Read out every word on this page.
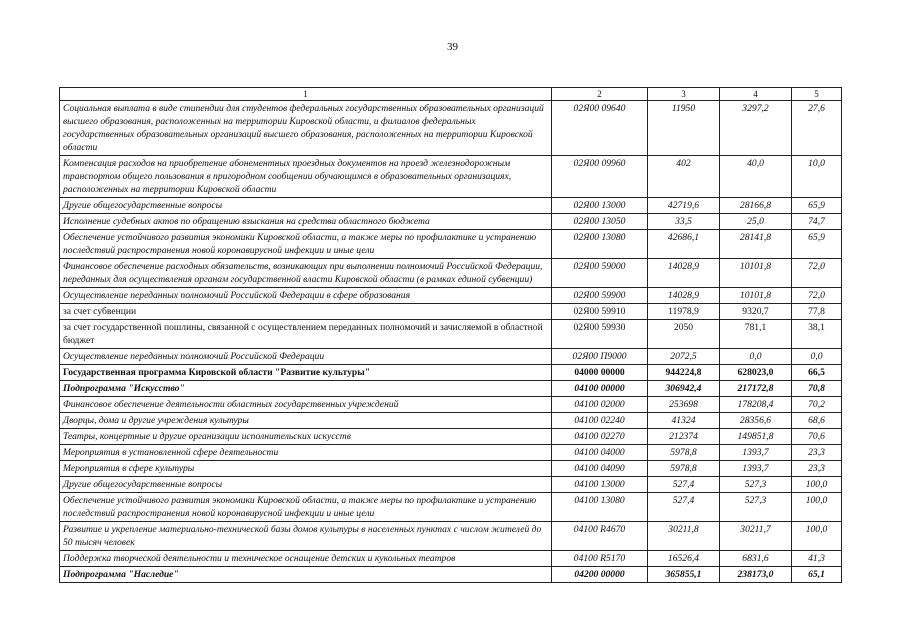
39
1	2	3	4	5
Социальная выплата в виде стипендии для студентов федеральных государственных образовательных организаций высшего образования, расположенных на территории Кировской области, и филиалов федеральных государственных образовательных организаций высшего образования, расположенных на территории Кировской области	02Я00 09640	11950	3297,2	27,6
Компенсация расходов на приобретение абонементных проездных документов на проезд железнодорожным транспортом общего пользования в пригородном сообщении обучающимся в образовательных организациях, расположенных на территории Кировской области	02Я00 09960	402	40,0	10,0
Другие общегосударственные вопросы	02Я00 13000	42719,6	28166,8	65,9
Исполнение судебных актов по обращению взыскания на средства областного бюджета	02Я00 13050	33,5	25,0	74,7
Обеспечение устойчивого развития экономики Кировской области, а также меры по профилактике и устранению последствий распространения новой коронавирусной инфекции и иные цели	02Я00 13080	42686,1	28141,8	65,9
Финансовое обеспечение расходных обязательств, возникающих при выполнении полномочий Российской Федерации, переданных для осуществления органам государственной власти Кировской области (в рамках единой субвенции)	02Я00 59000	14028,9	10101,8	72,0
Осуществление переданных полномочий Российской Федерации в сфере образования	02Я00 59900	14028,9	10101,8	72,0
за счет субвенции	02Я00 59910	11978,9	9320,7	77,8
за счет государственной пошлины, связанной с осуществлением переданных полномочий и зачисляемой в областной бюджет	02Я00 59930	2050	781,1	38,1
Осуществление переданных полномочий Российской Федерации	02Я00 П9000	2072,5	0,0	0,0
Государственная программа Кировской области "Развитие культуры"	04000 00000	944224,8	628023,0	66,5
Подпрограмма "Искусство"	04100 00000	306942,4	217172,8	70,8
Финансовое обеспечение деятельности областных государственных учреждений	04100 02000	253698	178208,4	70,2
Дворцы, дома и другие учреждения культуры	04100 02240	41324	28356,6	68,6
Театры, концертные и другие организации исполнительских искусств	04100 02270	212374	149851,8	70,6
Мероприятия в установленной сфере деятельности	04100 04000	5978,8	1393,7	23,3
Мероприятия в сфере культуры	04100 04090	5978,8	1393,7	23,3
Другие общегосударственные вопросы	04100 13000	527,4	527,3	100,0
Обеспечение устойчивого развития экономики Кировской области, а также меры по профилактике и устранению последствий распространения новой коронавирусной инфекции и иные цели	04100 13080	527,4	527,3	100,0
Развитие и укрепление материально-технической базы домов культуры в населенных пунктах с числом жителей до 50 тысяч человек	04100 R4670	30211,8	30211,7	100,0
Поддержка творческой деятельности и техническое оснащение детских и кукольных театров	04100 R5170	16526,4	6831,6	41,3
Подпрограмма "Наследие"	04200 00000	365855,1	238173,0	65,1
